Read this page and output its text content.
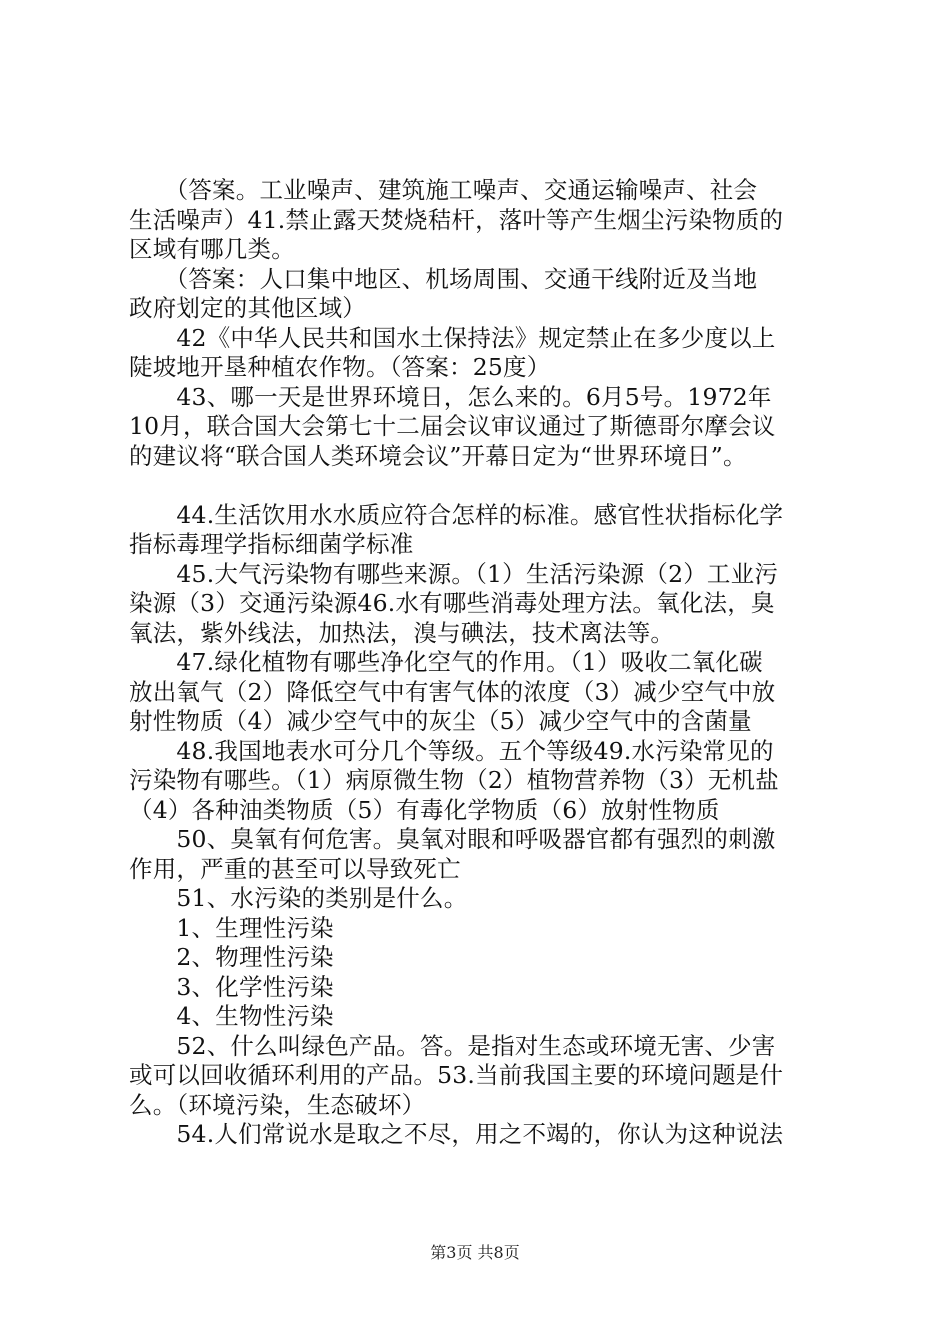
　　（答案。工业噪声、建筑施工噪声、交通运输噪声、社会
生活噪声）41.禁止露天焚烧秸杆，落叶等产生烟尘污染物质的
区域有哪几类。
　　（答案：人口集中地区、机场周围、交通干线附近及当地
政府划定的其他区域）
　　42《中华人民共和国水土保持法》规定禁止在多少度以上
陡坡地开垦种植农作物。（答案：25度）
　　43、哪一天是世界环境日，怎么来的。6月5号。1972年
10月，联合国大会第七十二届会议审议通过了斯德哥尔摩会议
的建议将“联合国人类环境会议”开幕日定为“世界环境日”。
　　44.生活饮用水水质应符合怎样的标准。感官性状指标化学
指标毒理学指标细菌学标准
　　45.大气污染物有哪些来源。（1）生活污染源（2）工业污
染源（3）交通污染源46.水有哪些消毒处理方法。氧化法，臭
氧法，紫外线法，加热法，溴与碘法，技术离法等。
　　47.绿化植物有哪些净化空气的作用。（1）吸收二氧化碳
放出氧气（2）降低空气中有害气体的浓度（3）减少空气中放
射性物质（4）减少空气中的灰尘（5）减少空气中的含菌量
　　48.我国地表水可分几个等级。五个等级49.水污染常见的
污染物有哪些。（1）病原微生物（2）植物营养物（3）无机盐
（4）各种油类物质（5）有毒化学物质（6）放射性物质
　　50、臭氧有何危害。臭氧对眼和呼吸器官都有强烈的刺激
作用，严重的甚至可以导致死亡
　　51、水污染的类别是什么。
　　1、生理性污染
　　2、物理性污染
　　3、化学性污染
　　4、生物性污染
　　52、什么叫绿色产品。答。是指对生态或环境无害、少害
或可以回收循环利用的产品。53.当前我国主要的环境问题是什
么。（环境污染，生态破坏）
　　54.人们常说水是取之不尽，用之不竭的，你认为这种说法
第3页 共8页
